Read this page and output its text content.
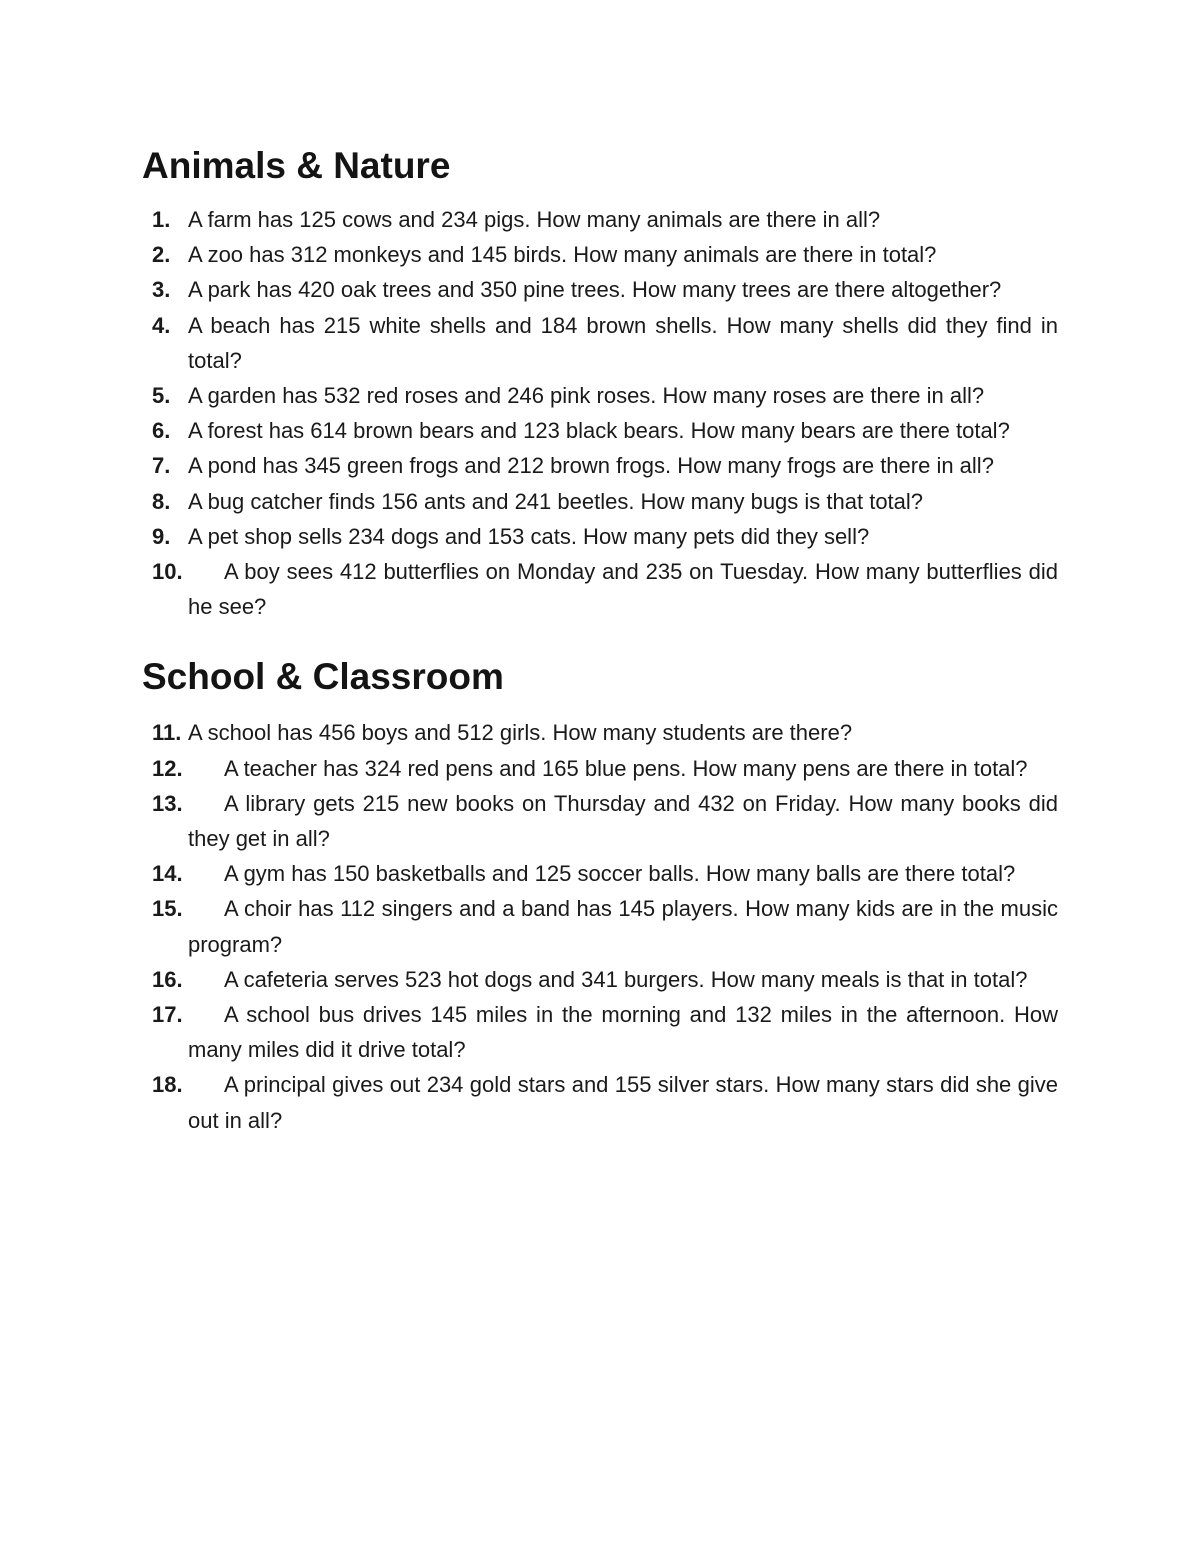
Animals & Nature
1. A farm has 125 cows and 234 pigs. How many animals are there in all?
2. A zoo has 312 monkeys and 145 birds. How many animals are there in total?
3. A park has 420 oak trees and 350 pine trees. How many trees are there altogether?
4. A beach has 215 white shells and 184 brown shells. How many shells did they find in total?
5. A garden has 532 red roses and 246 pink roses. How many roses are there in all?
6. A forest has 614 brown bears and 123 black bears. How many bears are there total?
7. A pond has 345 green frogs and 212 brown frogs. How many frogs are there in all?
8. A bug catcher finds 156 ants and 241 beetles. How many bugs is that total?
9. A pet shop sells 234 dogs and 153 cats. How many pets did they sell?
10.	A boy sees 412 butterflies on Monday and 235 on Tuesday. How many butterflies did he see?
School & Classroom
11. A school has 456 boys and 512 girls. How many students are there?
12.	A teacher has 324 red pens and 165 blue pens. How many pens are there in total?
13.	A library gets 215 new books on Thursday and 432 on Friday. How many books did they get in all?
14.	A gym has 150 basketballs and 125 soccer balls. How many balls are there total?
15.	A choir has 112 singers and a band has 145 players. How many kids are in the music program?
16.	A cafeteria serves 523 hot dogs and 341 burgers. How many meals is that in total?
17.	A school bus drives 145 miles in the morning and 132 miles in the afternoon. How many miles did it drive total?
18.	A principal gives out 234 gold stars and 155 silver stars. How many stars did she give out in all?
